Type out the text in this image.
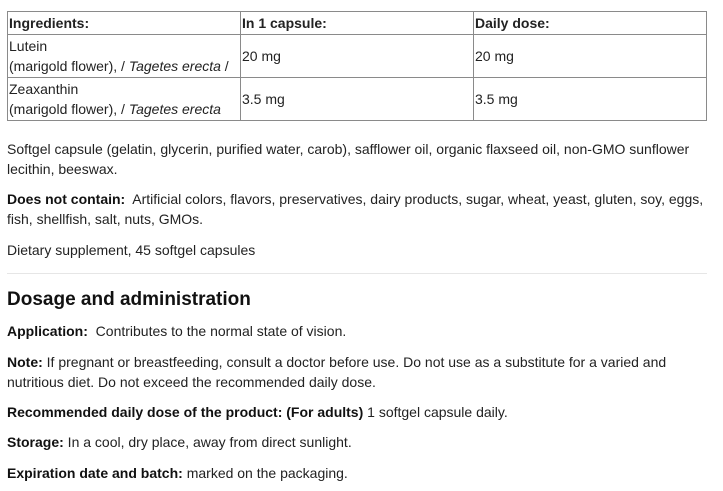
Ingredients:	In 1 capsule:	Daily dose:
Lutein
(marigold flower), / Tagetes erecta /	20 mg	20 mg
Zeaxanthin
(marigold flower), / Tagetes erecta	3.5 mg	3.5 mg

Softgel capsule (gelatin, glycerin, purified water, carob), safflower oil, organic flaxseed oil, non-GMO sunflower lecithin, beeswax.

Does not contain:  Artificial colors, flavors, preservatives, dairy products, sugar, wheat, yeast, gluten, soy, eggs, fish, shellfish, salt, nuts, GMOs.

Dietary supplement, 45 softgel capsules

Dosage and administration

Application:  Contributes to the normal state of vision.

Note: If pregnant or breastfeeding, consult a doctor before use. Do not use as a substitute for a varied and nutritious diet. Do not exceed the recommended daily dose.

Recommended daily dose of the product: (For adults) 1 softgel capsule daily.

Storage: In a cool, dry place, away from direct sunlight.

Expiration date and batch: marked on the packaging.
